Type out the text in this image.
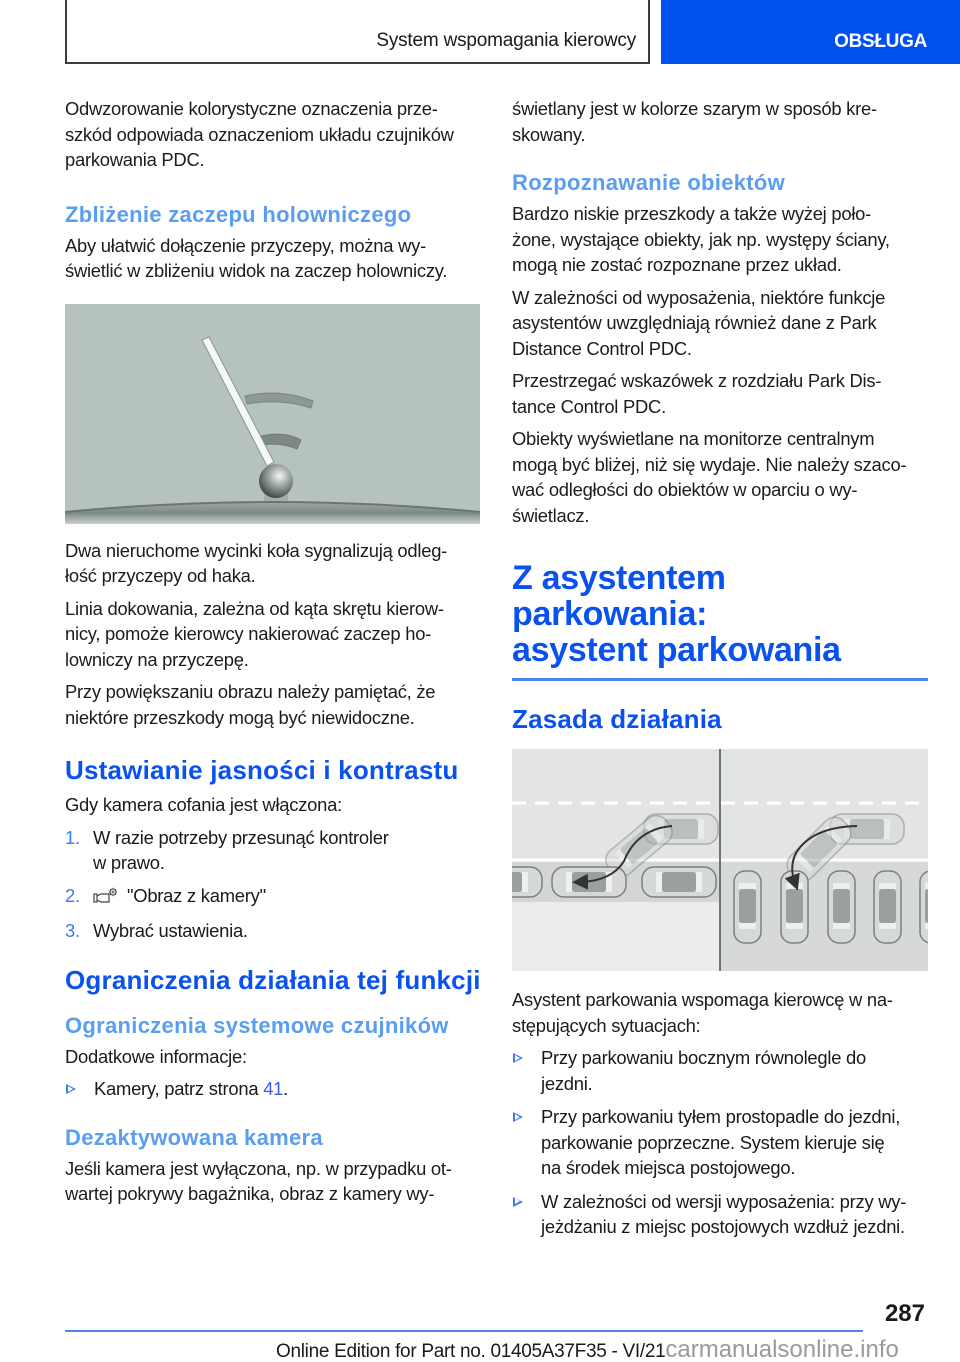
System wspomagania kierowcy	OBSŁUGA

Odwzorowanie kolorystyczne oznaczenia prze-
szkód odpowiada oznaczeniom układu czujników
parkowania PDC.

Zbliżenie zaczepu holowniczego

Aby ułatwić dołączenie przyczepy, można wy-
świetlić w zbliżeniu widok na zaczep holowniczy.

Dwa nieruchome wycinki koła sygnalizują odleg-
łość przyczepy od haka.

Linia dokowania, zależna od kąta skrętu kierow-
nicy, pomoże kierowcy nakierować zaczep ho-
lowniczy na przyczepę.

Przy powiększaniu obrazu należy pamiętać, że
niektóre przeszkody mogą być niewidoczne.

Ustawianie jasności i kontrastu

Gdy kamera cofania jest włączona:

1. W razie potrzeby przesunąć kontroler
w prawo.
2.	"Obraz z kamery"
3. Wybrać ustawienia.
Ograniczenia działania tej funkcji
Ograniczenia systemowe czujników

Dodatkowe informacje:

Kamery, patrz strona 41.
Dezaktywowana kamera

Jeśli kamera jest wyłączona, np. w przypadku ot-
wartej pokrywy bagażnika, obraz z kamery wy-

świetlany jest w kolorze szarym w sposób kre-
skowany.

Rozpoznawanie obiektów

Bardzo niskie przeszkody a także wyżej poło-
żone, wystające obiekty, jak np. występy ściany,
mogą nie zostać rozpoznane przez układ.

W zależności od wyposażenia, niektóre funkcje
asystentów uwzględniają również dane z Park
Distance Control PDC.

Przestrzegać wskazówek z rozdziału Park Dis-
tance Control PDC.

Obiekty wyświetlane na monitorze centralnym
mogą być bliżej, niż się wydaje. Nie należy szaco-
wać odległości do obiektów w oparciu o wy-
świetlacz.

Z asystentem parkowania:
asystent parkowania
Zasada działania

Asystent parkowania wspomaga kierowcę w na-
stępujących sytuacjach:

Przy parkowaniu bocznym równolegle do
jezdni.
Przy parkowaniu tyłem prostopadle do jezdni,
parkowanie poprzeczne. System kieruje się
na środek miejsca postojowego.
W zależności od wersji wyposażenia: przy wy-
jeżdżaniu z miejsc postojowych wzdłuż jezdni.
287
Online Edition for Part no. 01405A37F35 - VI/21carmanualsonline.info
